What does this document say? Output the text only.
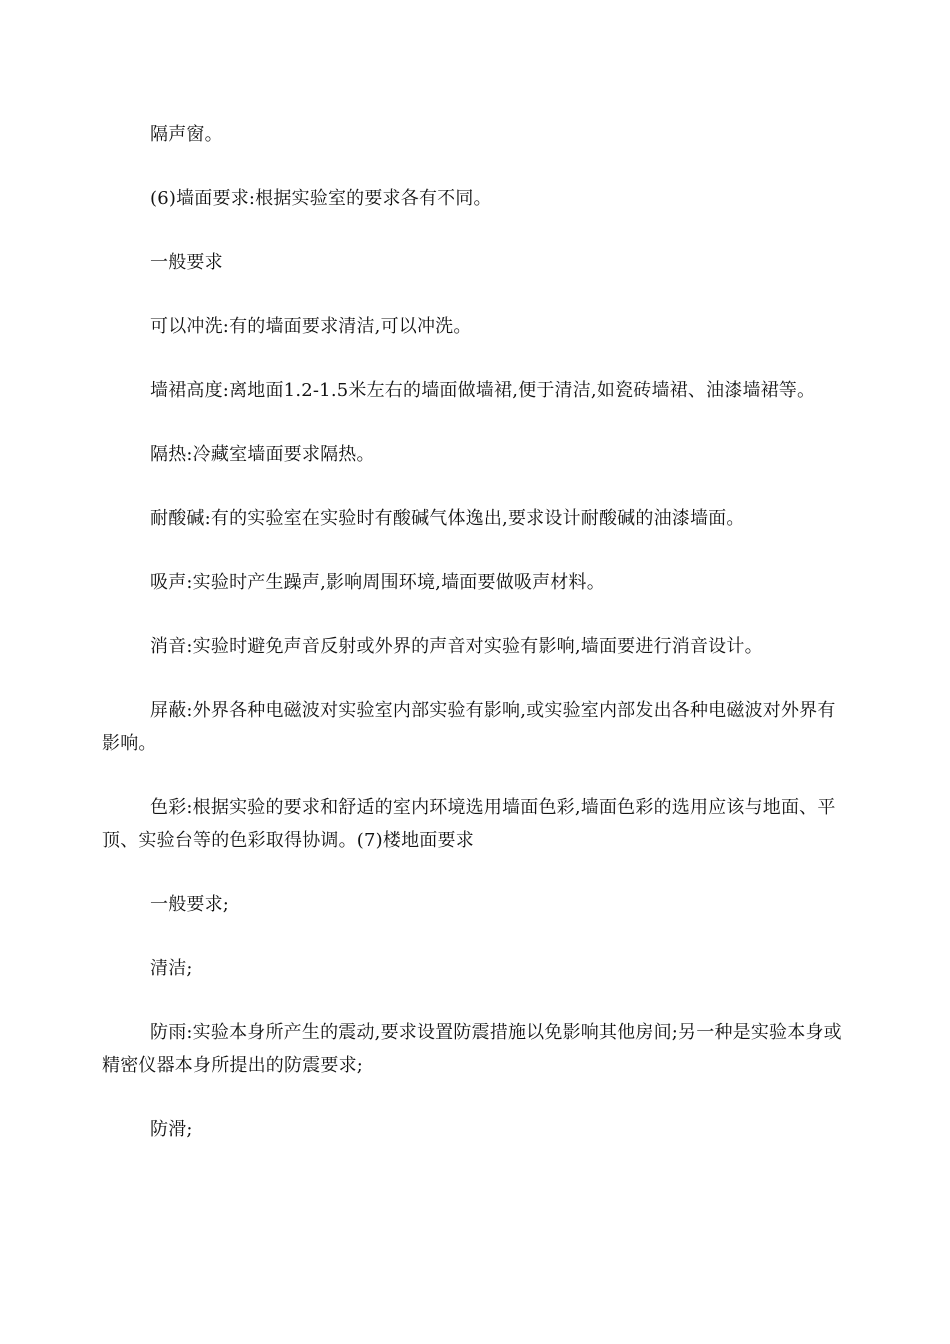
隔声窗。

(6)墙面要求:根据实验室的要求各有不同。

一般要求

可以冲洗:有的墙面要求清洁,可以冲洗。

墙裙高度:离地面1.2-1.5米左右的墙面做墙裙,便于清洁,如瓷砖墙裙、油漆墙裙等。

隔热:冷藏室墙面要求隔热。

耐酸碱:有的实验室在实验时有酸碱气体逸出,要求设计耐酸碱的油漆墙面。

吸声:实验时产生躁声,影响周围环境,墙面要做吸声材料。

消音:实验时避免声音反射或外界的声音对实验有影响,墙面要进行消音设计。

屏蔽:外界各种电磁波对实验室内部实验有影响,或实验室内部发出各种电磁波对外界有影响。

色彩:根据实验的要求和舒适的室内环境选用墙面色彩,墙面色彩的选用应该与地面、平顶、实验台等的色彩取得协调。(7)楼地面要求

一般要求;

清洁;

防雨:实验本身所产生的震动,要求设置防震措施以免影响其他房间;另一种是实验本身或精密仪器本身所提出的防震要求;

防滑;
